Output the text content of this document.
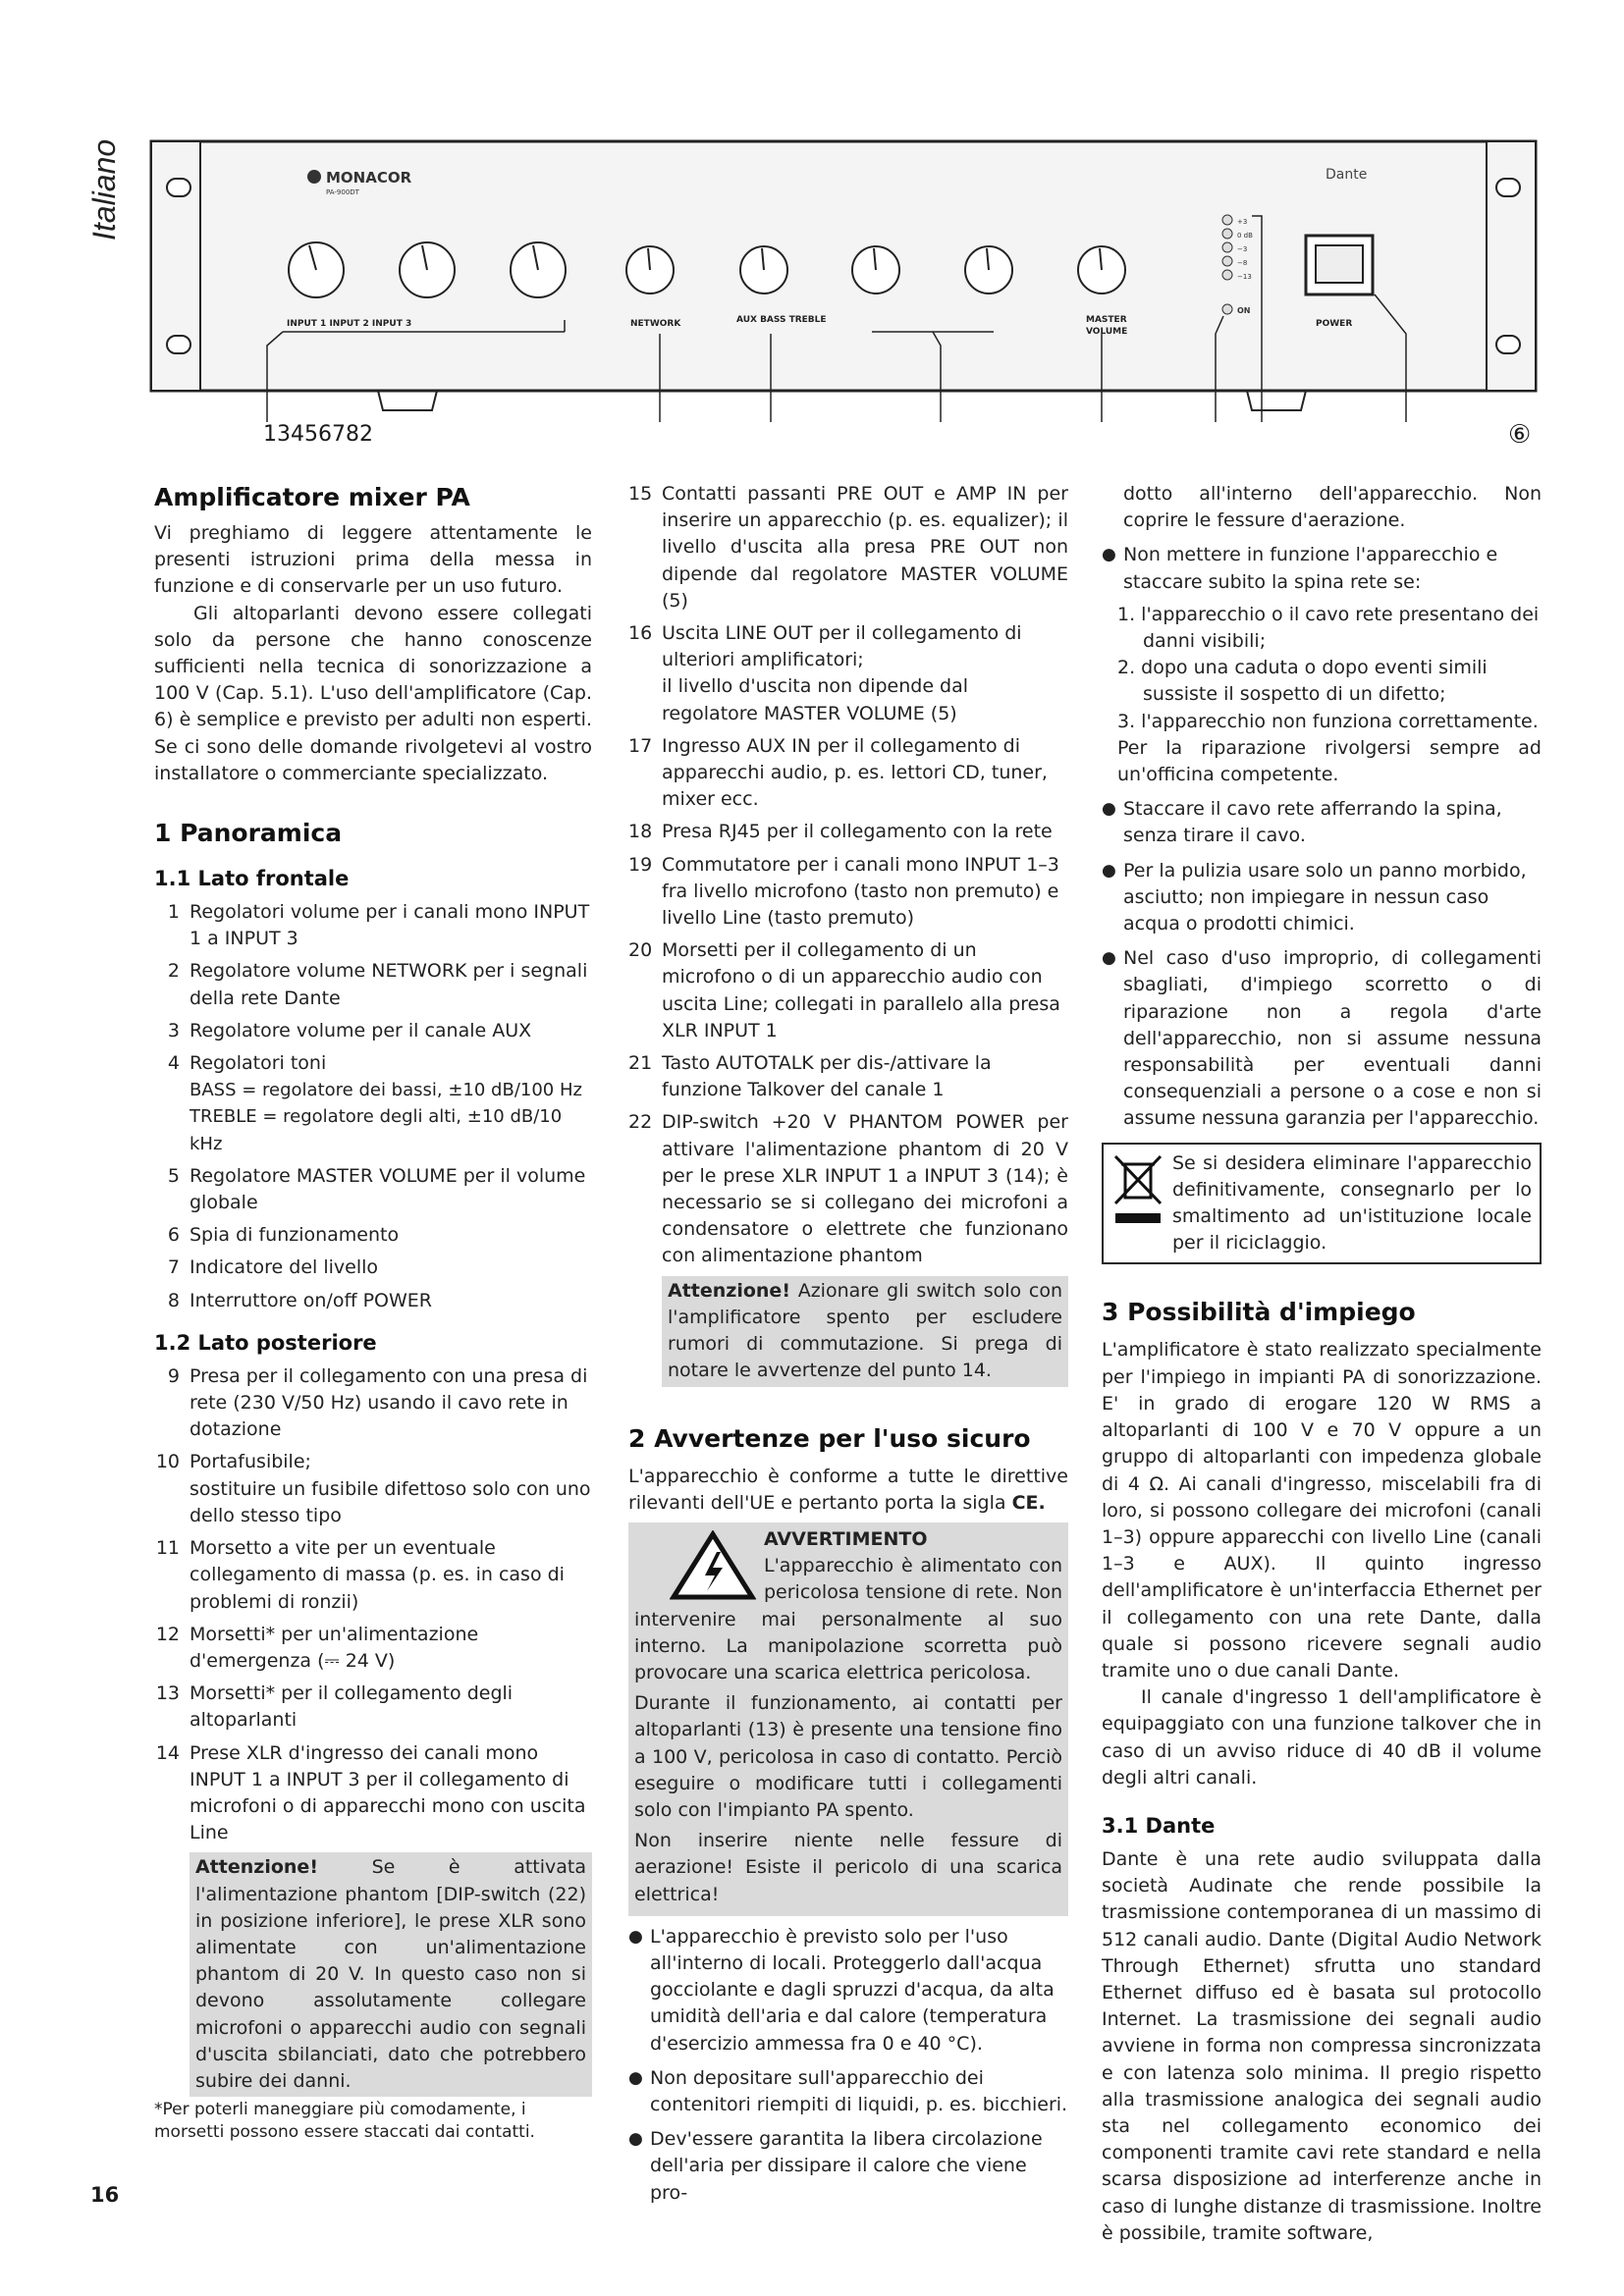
Italiano	MONACOR
PA-900DT
Dante
INPUT 1 INPUT 2 INPUT 3	NETWORK	AUX BASS TREBLE	MASTER
VOLUME
+3
0 dB
−3
−8
−13
ON
POWER
13456782	⑥
Amplificatore mixer PA

Vi preghiamo di leggere attentamente le presenti istruzioni prima della messa in funzione e di conservarle per un uso futuro.

Gli altoparlanti devono essere collegati solo da persone che hanno conoscenze sufficienti nella tecnica di sonorizzazione a 100 V (Cap. 5.1). L'uso dell'amplificatore (Cap. 6) è semplice e previsto per adulti non esperti. Se ci sono delle domande rivolgetevi al vostro installatore o commerciante specializzato.

1 Panoramica
1.1 Lato frontale
1 Regolatori volume per i canali mono INPUT 1 a INPUT 3
2 Regolatore volume NETWORK per i segnali della rete Dante
3 Regolatore volume per il canale AUX
4 Regolatori toni
BASS = regolatore dei bassi, ±10 dB/100 Hz
TREBLE = regolatore degli alti, ±10 dB/10 kHz
5 Regolatore MASTER VOLUME per il volume globale
6 Spia di funzionamento
7 Indicatore del livello
8 Interruttore on/off POWER
1.2 Lato posteriore
9 Presa per il collegamento con una presa di rete (230 V/50 Hz) usando il cavo rete in dotazione
10 Portafusibile;
sostituire un fusibile difettoso solo con uno dello stesso tipo
11 Morsetto a vite per un eventuale collegamento di massa (p. es. in caso di problemi di ronzii)
12 Morsetti* per un'alimentazione d'emergenza (⎓ 24 V)
13 Morsetti* per il collegamento degli altoparlanti
14 Prese XLR d'ingresso dei canali mono INPUT 1 a INPUT 3 per il collegamento di microfoni o di apparecchi mono con uscita Line
Attenzione!	Se è attivata l'alimentazione phantom [DIP-switch (22) in posizione inferiore], le prese XLR sono alimentate con un'alimentazione phantom di 20 V. In questo caso non si devono assolutamente collegare microfoni o apparecchi audio con segnali d'uscita sbilanciati, dato che potrebbero subire dei danni.
*Per poterli maneggiare più comodamente, i morsetti possono essere staccati dai contatti.
15 Contatti passanti PRE OUT e AMP IN per inserire un apparecchio (p. es. equalizer); il livello d'uscita alla presa PRE OUT non dipende dal regolatore MASTER VOLUME (5)
16 Uscita LINE OUT per il collegamento di ulteriori amplificatori;
il livello d'uscita non dipende dal regolatore MASTER VOLUME (5)
17 Ingresso AUX IN per il collegamento di apparecchi audio, p. es. lettori CD, tuner, mixer ecc.
18 Presa RJ45 per il collegamento con la rete
19 Commutatore per i canali mono INPUT 1–3 fra livello microfono (tasto non premuto) e livello Line (tasto premuto)
20 Morsetti per il collegamento di un microfono o di un apparecchio audio con uscita Line; collegati in parallelo alla presa XLR INPUT 1
21 Tasto AUTOTALK per dis-/attivare la funzione Talkover del canale 1
22 DIP-switch +20 V PHANTOM POWER per attivare l'alimentazione phantom di 20 V per le prese XLR INPUT 1 a INPUT 3 (14); è necessario se si collegano dei microfoni a condensatore o elettrete che funzionano con alimentazione phantom
Attenzione! Azionare gli switch solo con l'amplificatore spento per escludere rumori di commutazione. Si prega di notare le avvertenze del punto 14.
2 Avvertenze per l'uso sicuro

L'apparecchio è conforme a tutte le direttive rilevanti dell'UE e pertanto porta la sigla CE.

AVVERTIMENTO
L'apparecchio è alimentato con pericolosa tensione di rete. Non intervenire mai personalmente al suo interno. La manipolazione scorretta può provocare una scarica elettrica pericolosa.

Durante il funzionamento, ai contatti per altoparlanti (13) è presente una tensione fino a 100 V, pericolosa in caso di contatto. Perciò eseguire o modificare tutti i collegamenti solo con l'impianto PA spento.

Non inserire niente nelle fessure di aerazione! Esiste il pericolo di una scarica elettrica!

● L'apparecchio è previsto solo per l'uso all'interno di locali. Proteggerlo dall'acqua gocciolante e dagli spruzzi d'acqua, da alta umidità dell'aria e dal calore (temperatura d'esercizio ammessa fra 0 e 40 °C).
● Non depositare sull'apparecchio dei contenitori riempiti di liquidi, p. es. bicchieri.
● Dev'essere garantita la libera circolazione dell'aria per dissipare il calore che viene pro-

dotto all'interno dell'apparecchio. Non coprire le fessure d'aerazione.

● Non mettere in funzione l'apparecchio e staccare subito la spina rete se:
1. l'apparecchio o il cavo rete presentano dei danni visibili;
2. dopo una caduta o dopo eventi simili sussiste il sospetto di un difetto;
3. l'apparecchio non funziona correttamente.

Per la riparazione rivolgersi sempre ad un'officina competente.

● Staccare il cavo rete afferrando la spina, senza tirare il cavo.
● Per la pulizia usare solo un panno morbido, asciutto; non impiegare in nessun caso acqua o prodotti chimici.
● Nel caso d'uso improprio, di collegamenti sbagliati, d'impiego scorretto o di riparazione non a regola d'arte dell'apparecchio, non si assume nessuna responsabilità per eventuali danni consequenziali a persone o a cose e non si assume nessuna garanzia per l'apparecchio.
Se si desidera eliminare l'apparecchio definitivamente, consegnarlo per lo smaltimento ad un'istituzione locale per il riciclaggio.
3 Possibilità d'impiego

L'amplificatore è stato realizzato specialmente per l'impiego in impianti PA di sonorizzazione. E' in grado di erogare 120 W RMS a altoparlanti di 100 V e 70 V oppure a un gruppo di altoparlanti con impedenza globale di 4 Ω. Ai canali d'ingresso, miscelabili fra di loro, si possono collegare dei microfoni (canali 1–3) oppure apparecchi con livello Line (canali 1–3 e AUX). Il quinto ingresso dell'amplificatore è un'interfaccia Ethernet per il collegamento con una rete Dante, dalla quale si possono ricevere segnali audio tramite uno o due canali Dante.

Il canale d'ingresso 1 dell'amplificatore è equipaggiato con una funzione talkover che in caso di un avviso riduce di 40 dB il volume degli altri canali.

3.1 Dante

Dante è una rete audio sviluppata dalla società Audinate che rende possibile la trasmissione contemporanea di un massimo di 512 canali audio. Dante (Digital Audio Network Through Ethernet) sfrutta uno standard Ethernet diffuso ed è basata sul protocollo Internet. La trasmissione dei segnali audio avviene in forma non compressa sincronizzata e con latenza solo minima. Il pregio rispetto alla trasmissione analogica dei segnali audio sta nel collegamento economico dei componenti tramite cavi rete standard e nella scarsa disposizione ad interferenze anche in caso di lunghe distanze di trasmissione. Inoltre è possibile, tramite software,

16
